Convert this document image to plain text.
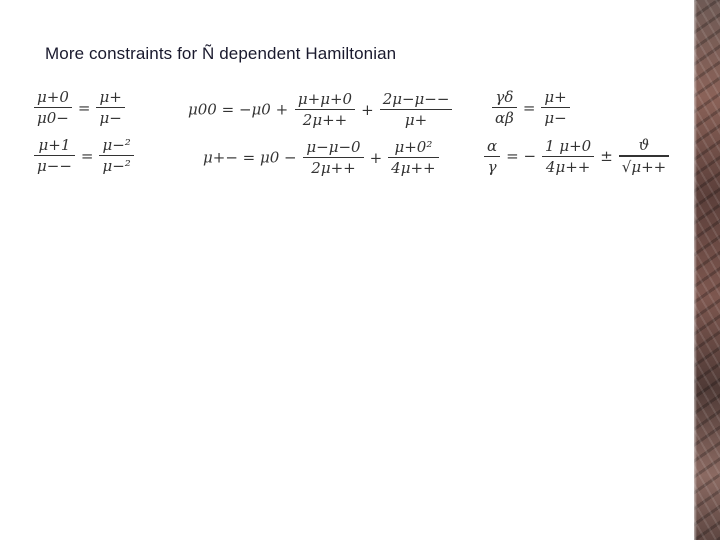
More constraints for Ñ dependent Hamiltonian
$\frac{\mu+0}{\mu 0-} = \frac{\mu+}{\mu-}$
$\frac{\mu+1}{\mu--} = \frac{\text{μ−²}}{\text{μ−²}}$
$\mu 00 = -\mu 0 + \frac{\mu+\mu+0}{2\mu++} + \frac{2\mu-\mu--}{\mu+}$
$\mu+- = \mu 0 - \frac{\mu-\mu-0}{2\mu++} + \frac{\text{μ+0²}}{4\mu++}$
$\frac{\gamma\delta}{\alpha\beta} = \frac{\mu+}{\mu-}$
$\frac{\alpha}{\gamma}$ = − $\frac{1 \mu+0}{4\mu++} \pm \frac{ϑ}{√\mu++}$
